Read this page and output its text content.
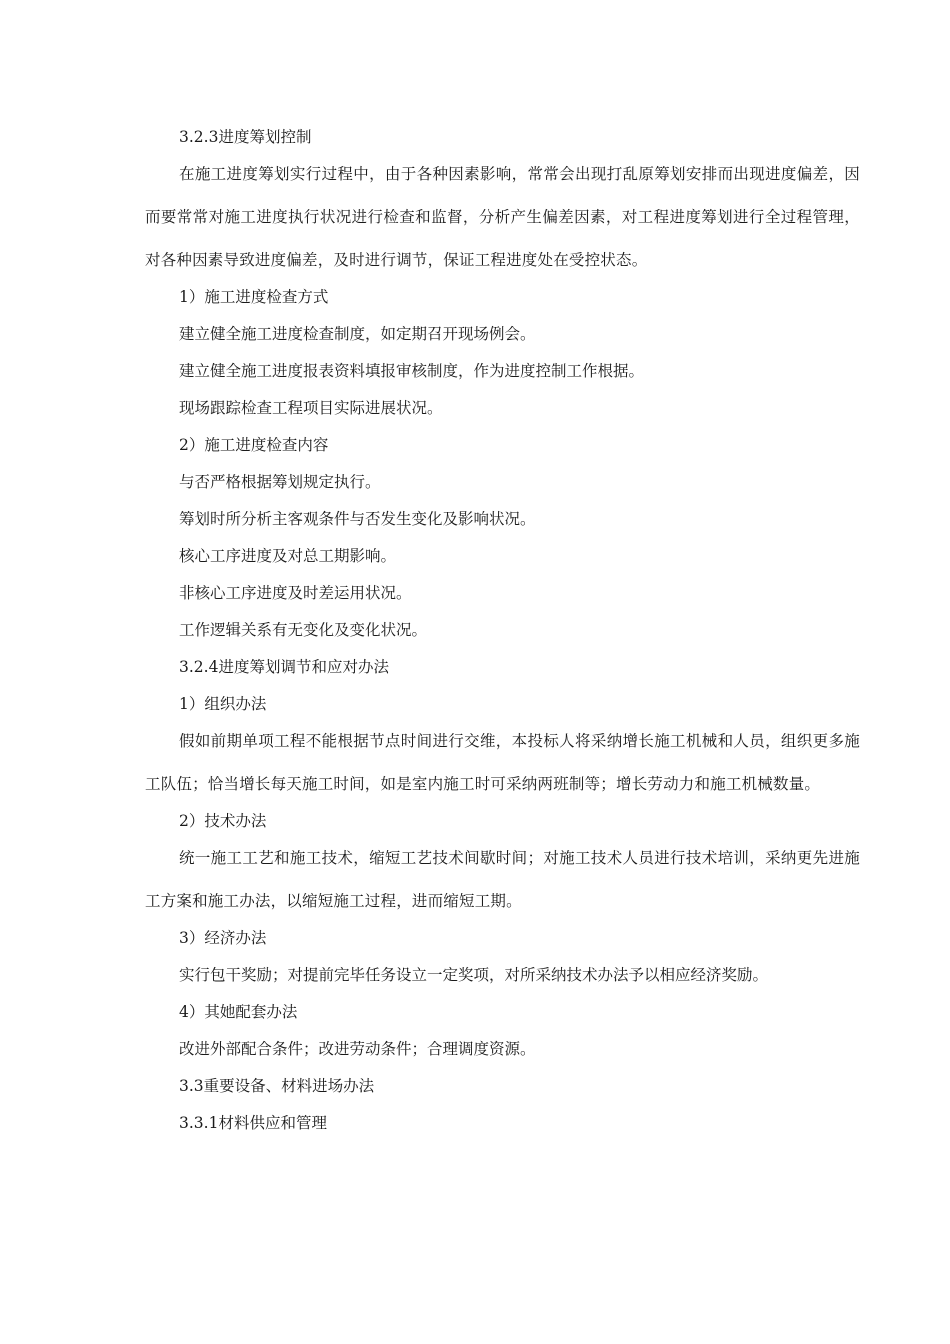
3.2.3进度筹划控制

在施工进度筹划实行过程中，由于各种因素影响，常常会出现打乱原筹划安排而出现进度偏差，因而要常常对施工进度执行状况进行检查和监督，分析产生偏差因素，对工程进度筹划进行全过程管理，对各种因素导致进度偏差，及时进行调节，保证工程进度处在受控状态。

1）施工进度检查方式

建立健全施工进度检查制度，如定期召开现场例会。

建立健全施工进度报表资料填报审核制度，作为进度控制工作根据。

现场跟踪检查工程项目实际进展状况。

2）施工进度检查内容

与否严格根据筹划规定执行。

筹划时所分析主客观条件与否发生变化及影响状况。

核心工序进度及对总工期影响。

非核心工序进度及时差运用状况。

工作逻辑关系有无变化及变化状况。

3.2.4进度筹划调节和应对办法

1）组织办法

假如前期单项工程不能根据节点时间进行交维，本投标人将采纳增长施工机械和人员，组织更多施工队伍；恰当增长每天施工时间，如是室内施工时可采纳两班制等；增长劳动力和施工机械数量。

2）技术办法

统一施工工艺和施工技术，缩短工艺技术间歇时间；对施工技术人员进行技术培训，采纳更先进施工方案和施工办法，以缩短施工过程，进而缩短工期。

3）经济办法

实行包干奖励；对提前完毕任务设立一定奖项，对所采纳技术办法予以相应经济奖励。

4）其她配套办法

改进外部配合条件；改进劳动条件；合理调度资源。

3.3重要设备、材料进场办法

3.3.1材料供应和管理
